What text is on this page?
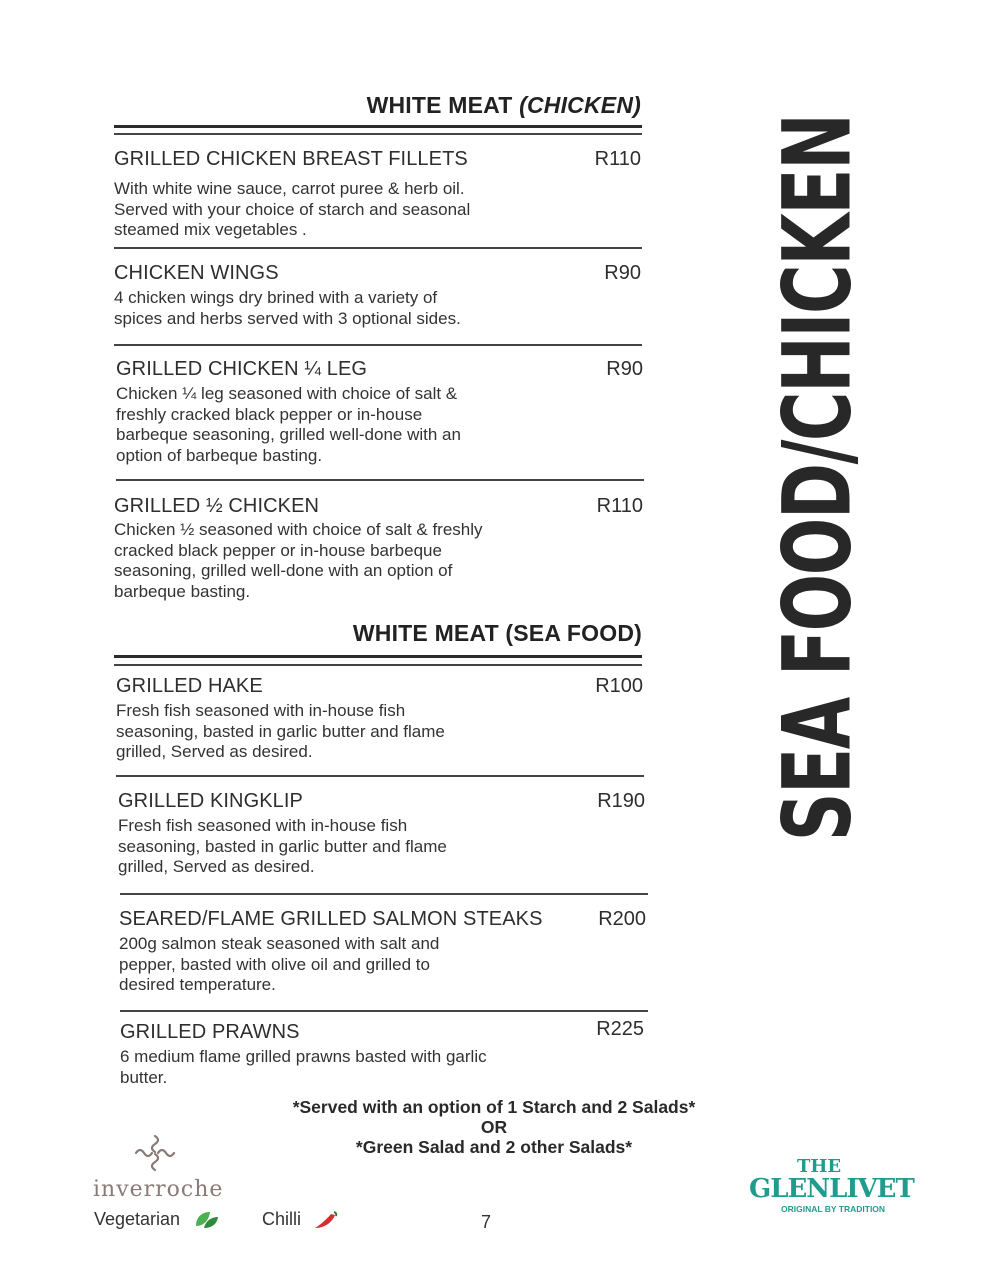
WHITE MEAT (CHICKEN)
GRILLED CHICKEN BREAST FILLETS	R110
With white wine sauce, carrot puree & herb oil.
Served with your choice of starch and seasonal
steamed mix vegetables .
CHICKEN WINGS	R90
4 chicken wings dry brined with a variety of
spices and herbs served with 3 optional sides.
GRILLED CHICKEN ¼ LEG	R90
Chicken ¼ leg seasoned with choice of salt &
freshly cracked black pepper or in-house
barbeque seasoning, grilled well-done with an
option of barbeque basting.
GRILLED ½ CHICKEN	R110
Chicken ½ seasoned with choice of salt & freshly
cracked black pepper or in-house barbeque
seasoning, grilled well-done with an option of
barbeque basting.
WHITE MEAT (SEA FOOD)
GRILLED HAKE	R100
Fresh fish seasoned with in-house fish
seasoning, basted in garlic butter and flame
grilled, Served as desired.
GRILLED KINGKLIP	R190
Fresh fish seasoned with in-house fish
seasoning, basted in garlic butter and flame
grilled, Served as desired.
SEARED/FLAME GRILLED SALMON STEAKS	R200
200g salmon steak seasoned with salt and
pepper, basted with olive oil and grilled to
desired temperature.
GRILLED PRAWNS	R225
6 medium flame grilled prawns basted with garlic
butter.
SEA FOOD/CHICKEN
*Served with an option of 1 Starch and 2 Salads*
OR
*Green Salad and 2 other Salads*
inverroche
Vegetarian	Chilli	7
THE
GLENLIVET
ORIGINAL BY TRADITION
